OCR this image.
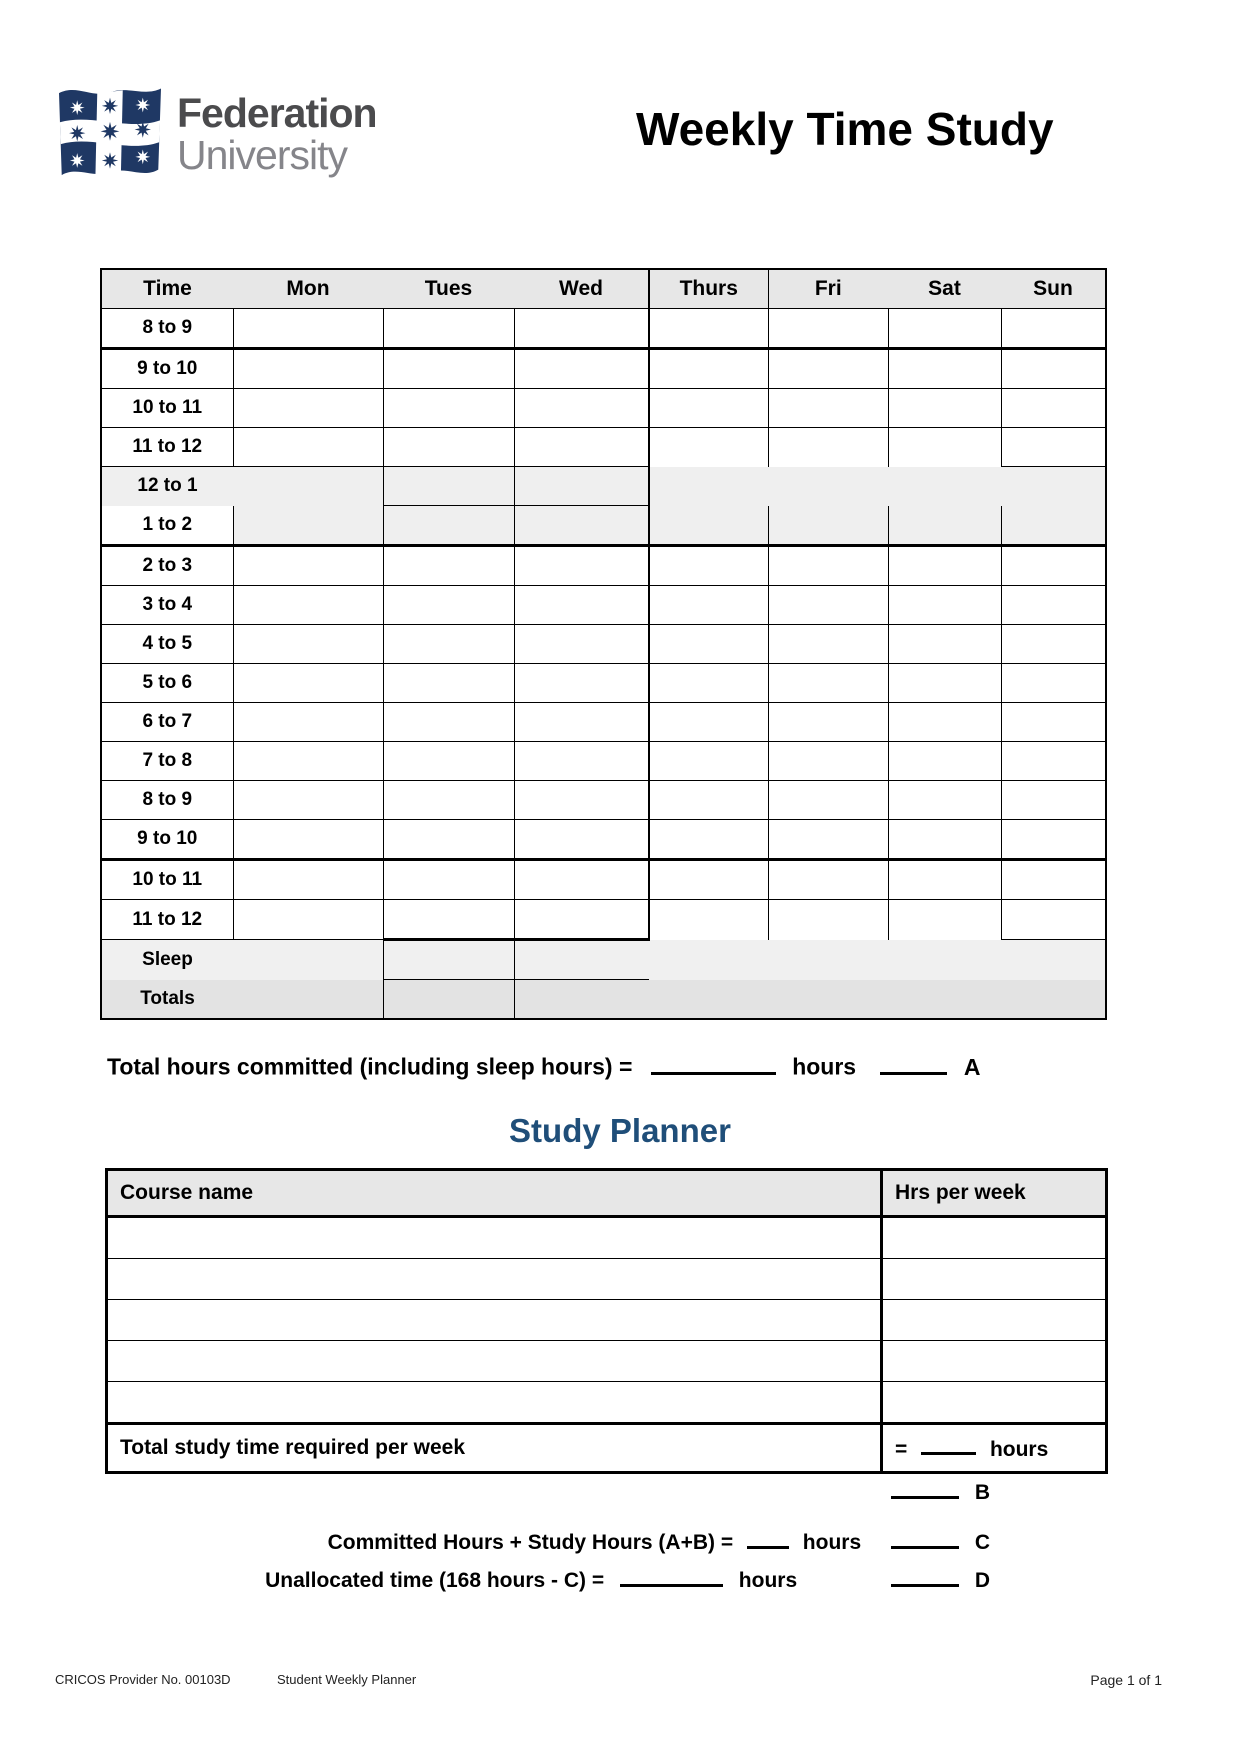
Federation
University	Weekly Time Study
Time	Mon	Tues	Wed	Thurs	Fri	Sat	Sun
8 to 9							
9 to 10							
10 to 11							
11 to 12							
12 to 1							
1 to 2							
2 to 3							
3 to 4							
4 to 5							
5 to 6							
6 to 7							
7 to 8							
8 to 9							
9 to 10							
10 to 11							
11 to 12							
Sleep							
Totals							
Total hours committed (including sleep hours) =	hours	A
Study Planner
Course name	Hrs per week

Total study time required per week	= hours
B
Committed Hours + Study Hours (A+B) =	hours	C
Unallocated time (168 hours - C) =	hours	D
CRICOS Provider No. 00103D	Student Weekly Planner	Page 1 of 1
